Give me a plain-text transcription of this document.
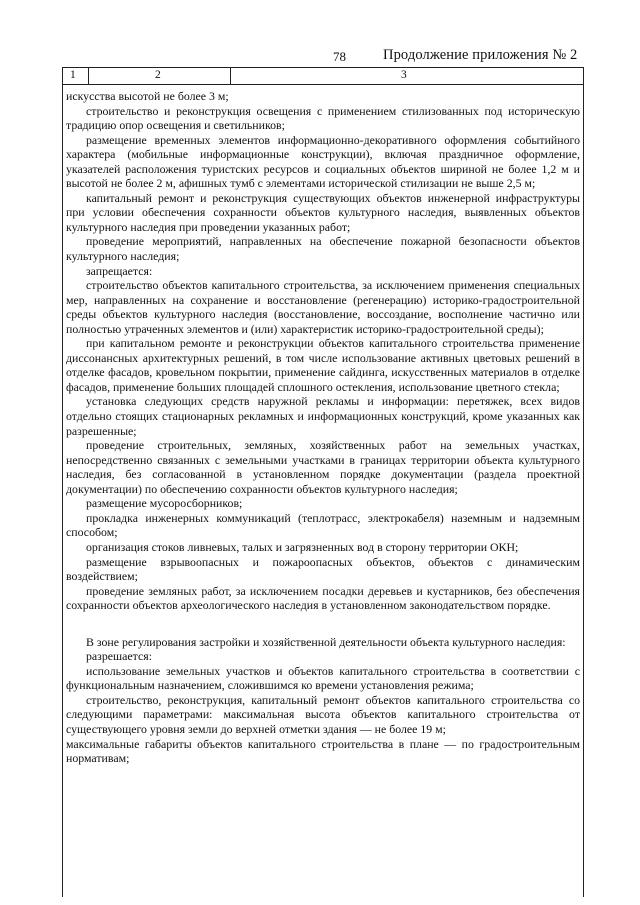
78	Продолжение приложения № 2
1	2	3

искусства высотой не более 3 м;

строительство и реконструкция освещения с применением стилизованных под историческую традицию опор освещения и светильников;

размещение временных элементов информационно-декоративного оформления событийного характера (мобильные информационные конструкции), включая праздничное оформление, указателей расположения туристских ресурсов и социальных объектов шириной не более 1,2 м и высотой не более 2 м, афишных тумб с элементами исторической стилизации не выше 2,5 м;

капитальный ремонт и реконструкция существующих объектов инженерной инфраструктуры при условии обеспечения сохранности объектов культурного наследия, выявленных объектов культурного наследия при проведении указанных работ;

проведение мероприятий, направленных на обеспечение пожарной безопасности объектов культурного наследия;

запрещается:

строительство объектов капитального строительства, за исключением применения специальных мер, направленных на сохранение и восстановление (регенерацию) историко-градостроительной среды объектов культурного наследия (восстановление, воссоздание, восполнение частично или полностью утраченных элементов и (или) характеристик историко-градостроительной среды);

при капитальном ремонте и реконструкции объектов капитального строительства применение диссонансных архитектурных решений, в том числе использование активных цветовых решений в отделке фасадов, кровельном покрытии, применение сайдинга, искусственных материалов в отделке фасадов, применение больших площадей сплошного остекления, использование цветного стекла;

установка следующих средств наружной рекламы и информации: перетяжек, всех видов отдельно стоящих стационарных рекламных и информационных конструкций, кроме указанных как разрешенные;

проведение строительных, земляных, хозяйственных работ на земельных участках, непосредственно связанных с земельными участками в границах территории объекта культурного наследия, без согласованной в установленном порядке документации (раздела проектной документации) по обеспечению сохранности объектов культурного наследия;

размещение мусоросборников;

прокладка инженерных коммуникаций (теплотрасс, электрокабеля) наземным и надземным способом;

организация стоков ливневых, талых и загрязненных вод в сторону территории ОКН;

размещение взрывоопасных и пожароопасных объектов, объектов с динамическим воздействием;

проведение земляных работ, за исключением посадки деревьев и кустарников, без обеспечения сохранности объектов археологического наследия в установленном законодательством порядке.

В зоне регулирования застройки и хозяйственной деятельности объекта культурного наследия:

разрешается:

использование земельных участков и объектов капитального строительства в соответствии с функциональным назначением, сложившимся ко времени установления режима;

строительство, реконструкция, капитальный ремонт объектов капитального строительства со следующими параметрами: максимальная высота объектов капитального строительства от существующего уровня земли до верхней отметки здания — не более 19 м;

максимальные габариты объектов капитального строительства в плане — по градостроительным нормативам;
